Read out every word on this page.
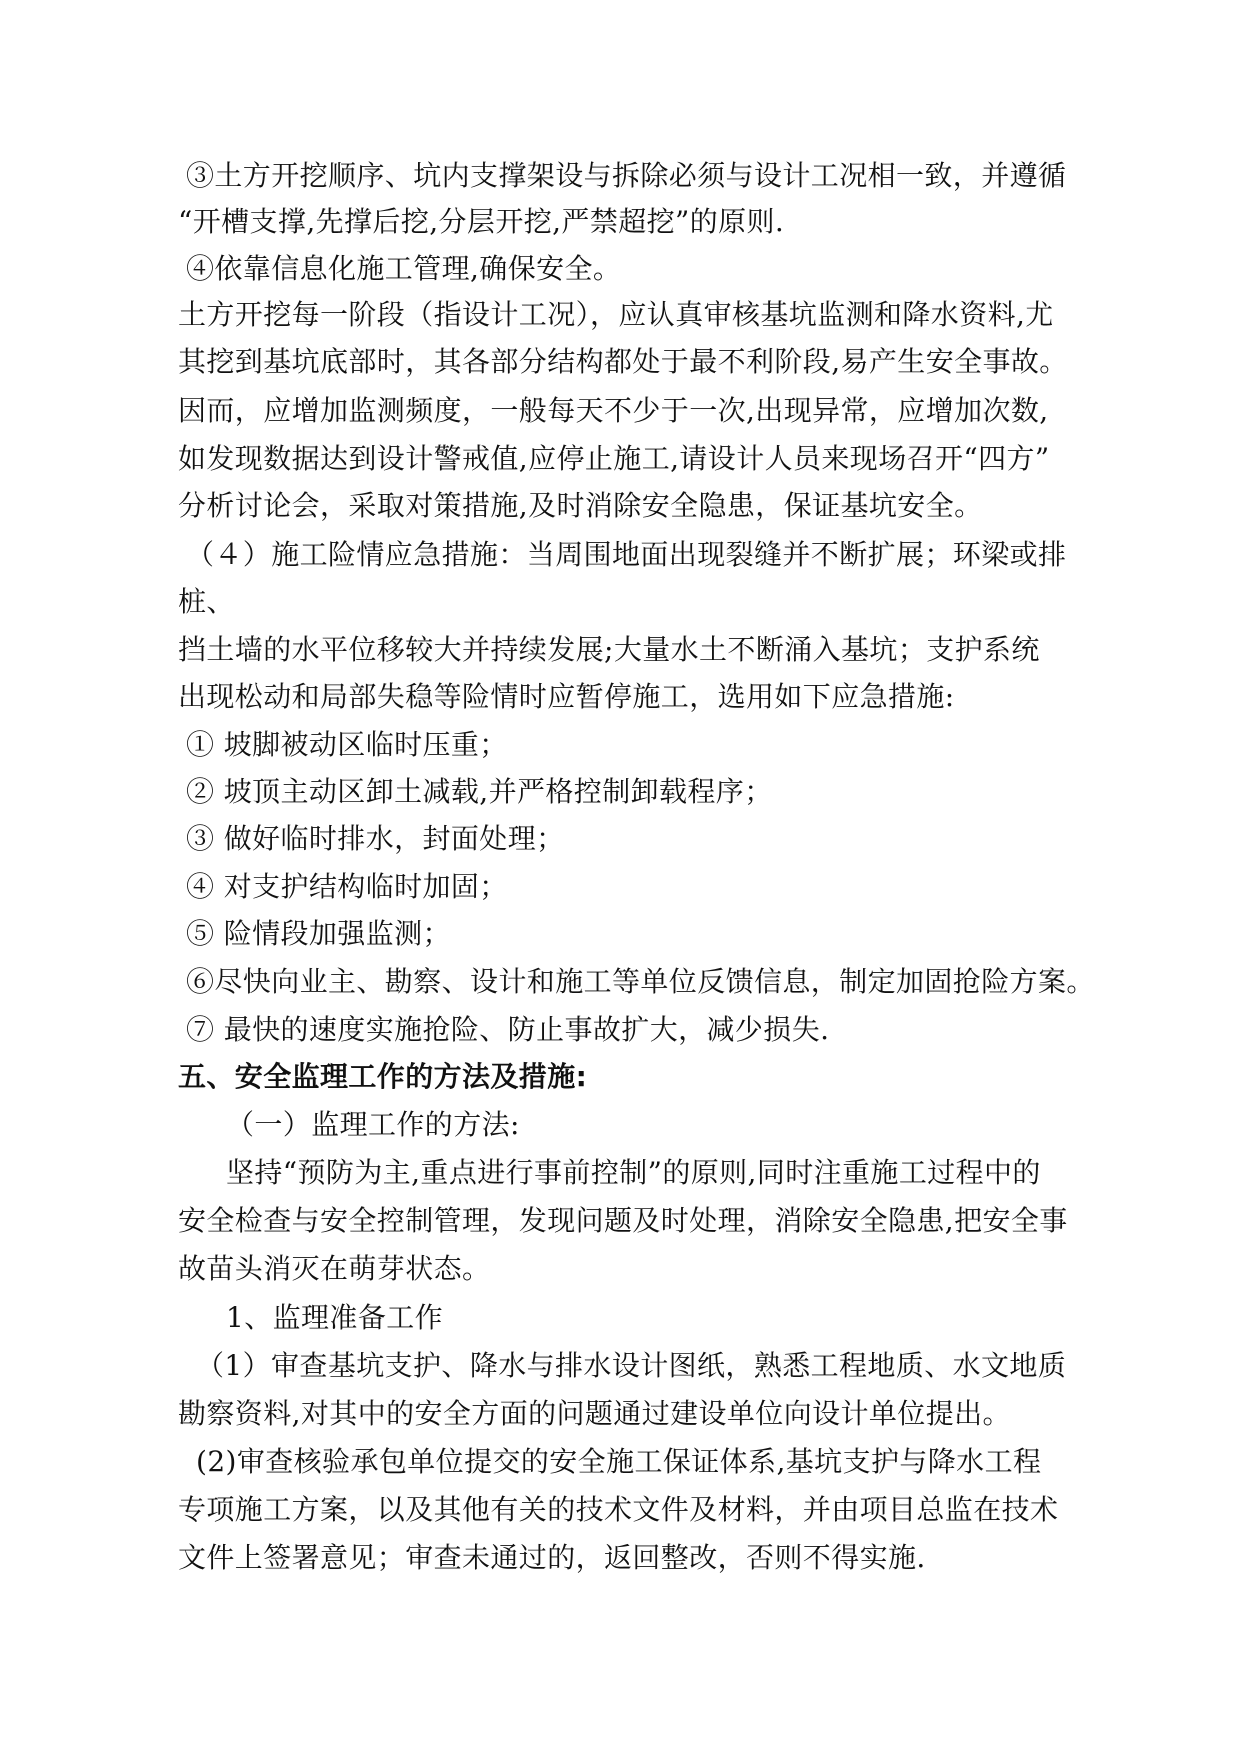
③土方开挖顺序、坑内支撑架设与拆除必须与设计工况相一致，并遵循
“开槽支撑,先撑后挖,分层开挖,严禁超挖”的原则.
④依靠信息化施工管理,确保安全。
土方开挖每一阶段（指设计工况），应认真审核基坑监测和降水资料,尤
其挖到基坑底部时，其各部分结构都处于最不利阶段,易产生安全事故。
因而，应增加监测频度，一般每天不少于一次,出现异常，应增加次数,
如发现数据达到设计警戒值,应停止施工,请设计人员来现场召开“四方”
分析讨论会，采取对策措施,及时消除安全隐患，保证基坑安全。
（４）施工险情应急措施：当周围地面出现裂缝并不断扩展；环梁或排
桩、
挡土墙的水平位移较大并持续发展;大量水土不断涌入基坑；支护系统
出现松动和局部失稳等险情时应暂停施工，选用如下应急措施:
① 坡脚被动区临时压重；
② 坡顶主动区卸土减载,并严格控制卸载程序；
③ 做好临时排水，封面处理；
④ 对支护结构临时加固；
⑤ 险情段加强监测；
⑥尽快向业主、勘察、设计和施工等单位反馈信息，制定加固抢险方案。
⑦ 最快的速度实施抢险、防止事故扩大，减少损失.
五、安全监理工作的方法及措施:
（一）监理工作的方法:
坚持“预防为主,重点进行事前控制”的原则,同时注重施工过程中的
安全检查与安全控制管理，发现问题及时处理，消除安全隐患,把安全事
故苗头消灭在萌芽状态。
1、监理准备工作
（1）审查基坑支护、降水与排水设计图纸，熟悉工程地质、水文地质
勘察资料,对其中的安全方面的问题通过建设单位向设计单位提出。
(2)审查核验承包单位提交的安全施工保证体系,基坑支护与降水工程
专项施工方案，以及其他有关的技术文件及材料，并由项目总监在技术
文件上签署意见；审查未通过的，返回整改，否则不得实施.
